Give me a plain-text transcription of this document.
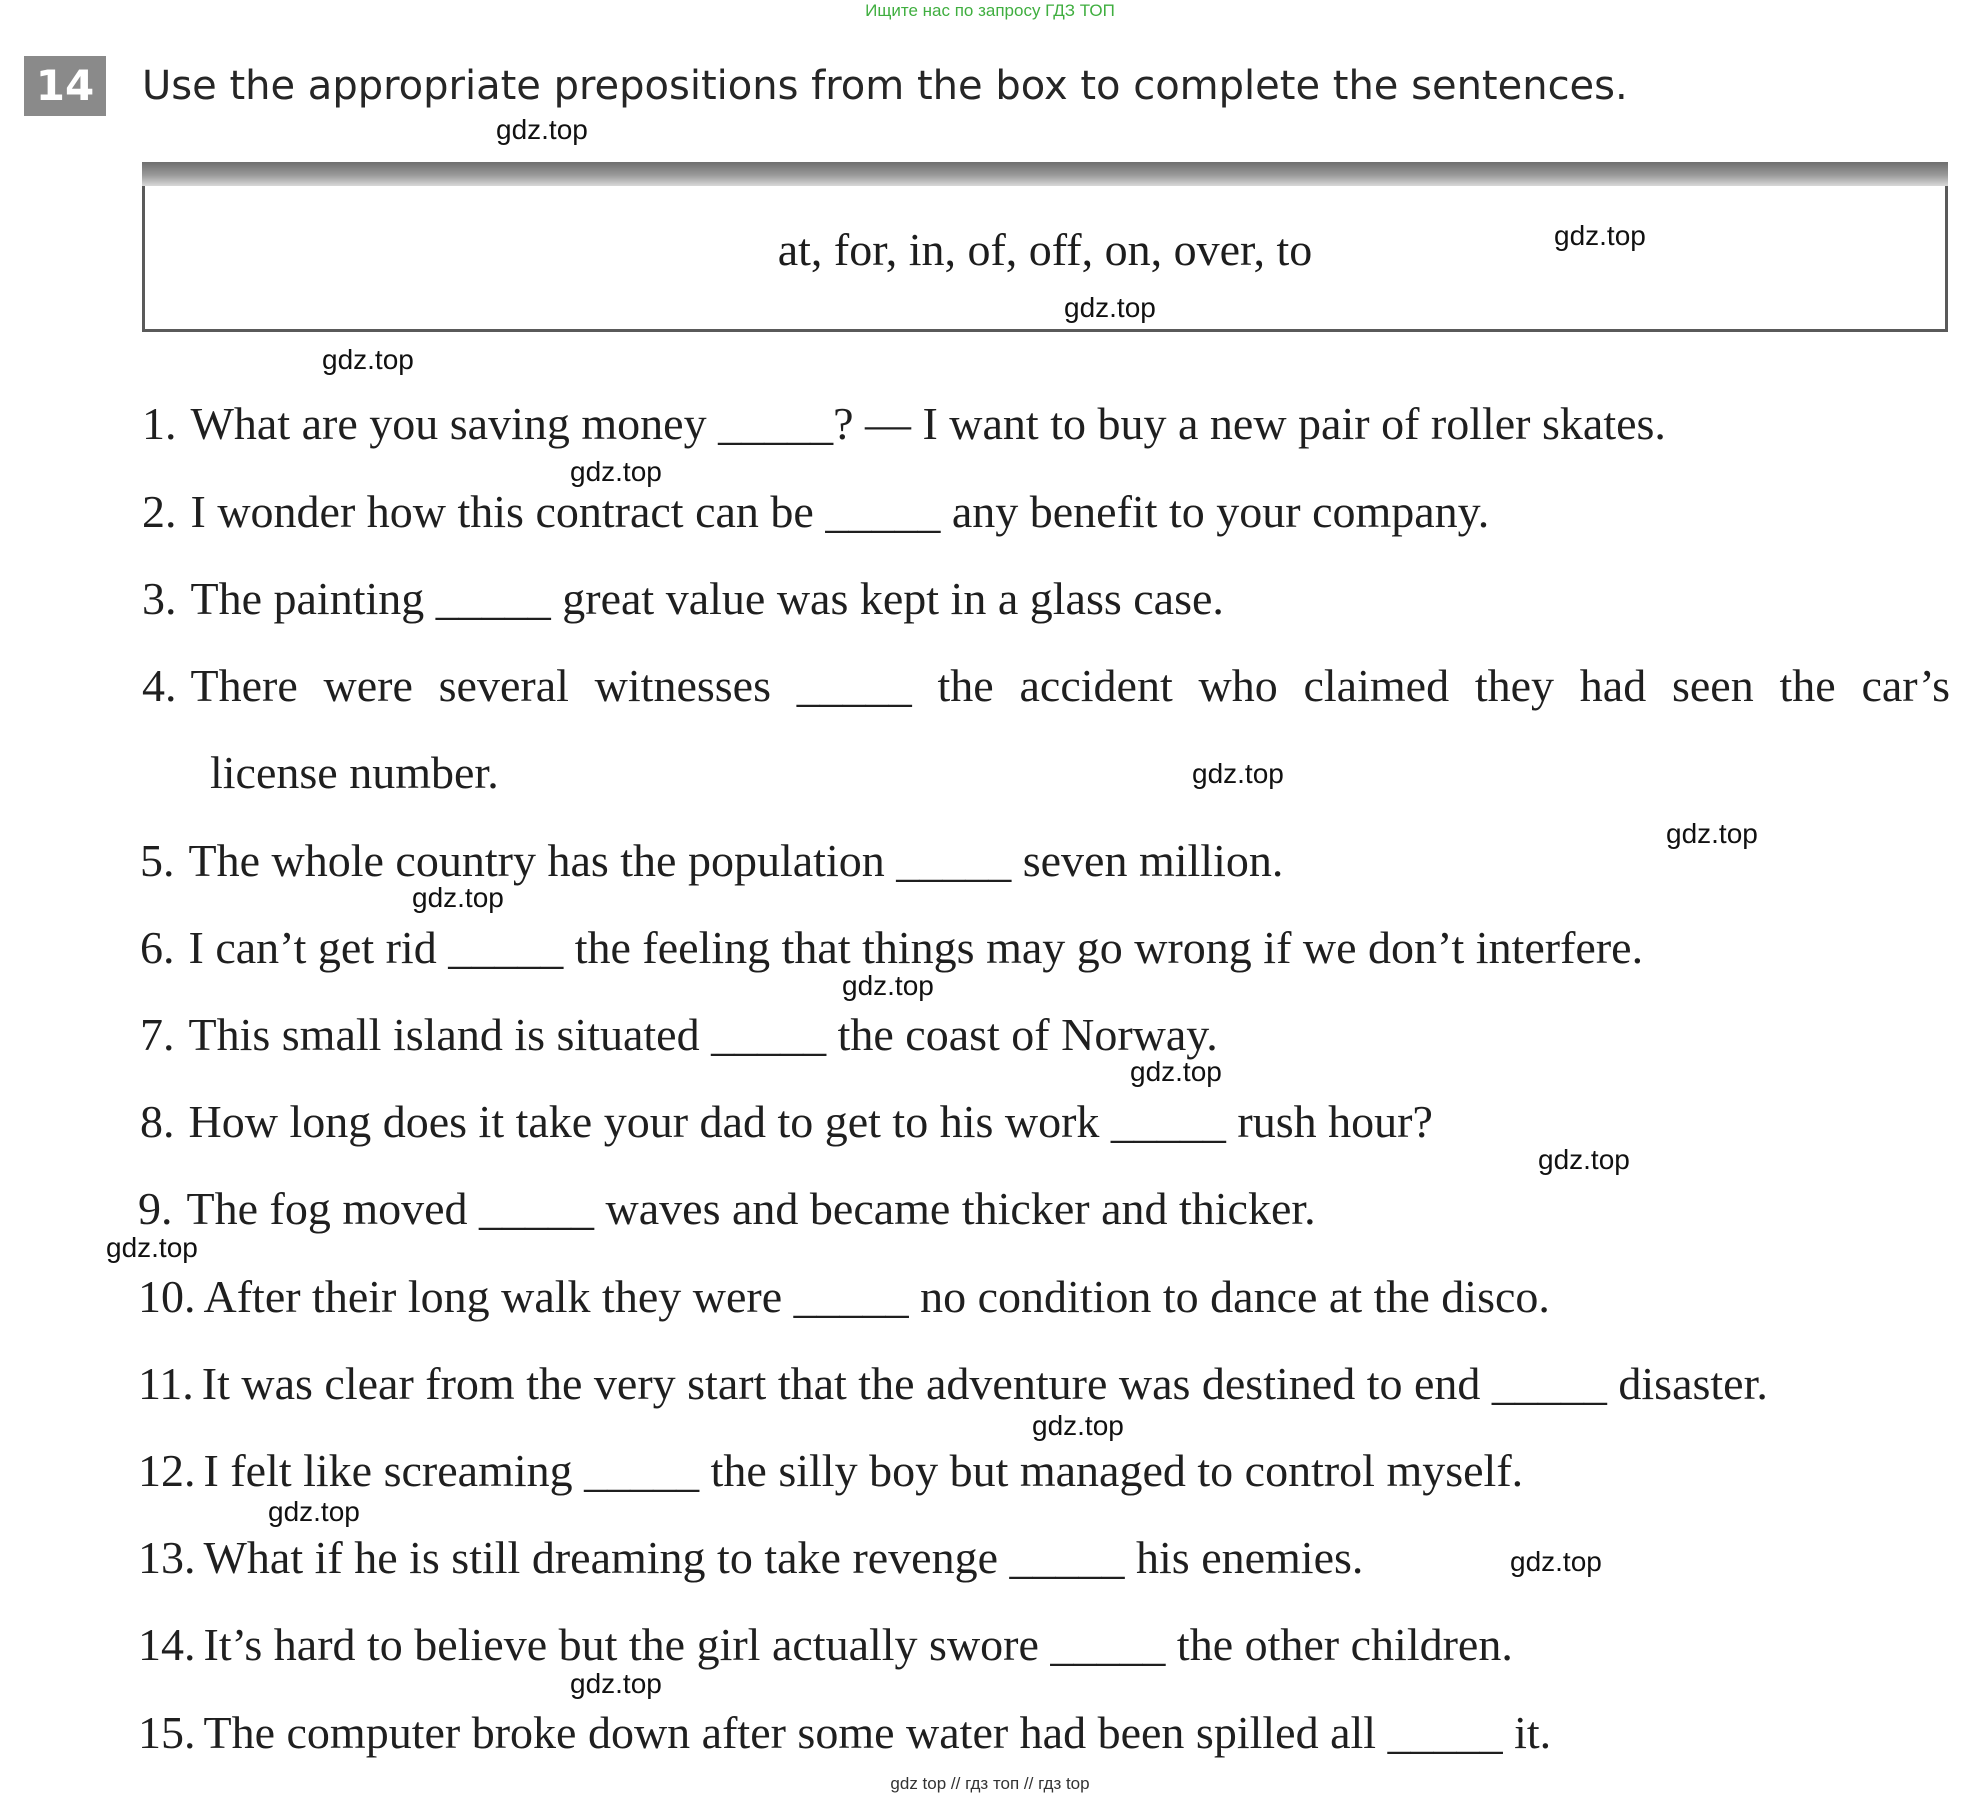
Ищите нас по запросу ГДЗ ТОП
14 Use the appropriate prepositions from the box to complete the sentences.
at, for, in, of, off, on, over, to
1. What are you saving money _____? — I want to buy a new pair of roller skates.
2. I wonder how this contract can be _____ any benefit to your company.
3. The painting _____ great value was kept in a glass case.
4. There were several witnesses _____ the accident who claimed they had seen the car’s
license number.
5. The whole country has the population _____ seven million.
6. I can’t get rid _____ the feeling that things may go wrong if we don’t interfere.
7. This small island is situated _____ the coast of Norway.
8. How long does it take your dad to get to his work _____ rush hour?
9. The fog moved _____ waves and became thicker and thicker.
10. After their long walk they were _____ no condition to dance at the disco.
11. It was clear from the very start that the adventure was destined to end _____ disaster.
12. I felt like screaming _____ the silly boy but managed to control myself.
13. What if he is still dreaming to take revenge _____ his enemies.
14. It’s hard to believe but the girl actually swore _____ the other children.
15. The computer broke down after some water had been spilled all _____ it.
gdz.top
gdz.top
gdz.top
gdz.top
gdz.top
gdz.top
gdz.top
gdz.top
gdz.top
gdz.top
gdz.top
gdz.top
gdz.top
gdz.top
gdz.top
gdz.top
gdz top // гдз топ // гдз top
